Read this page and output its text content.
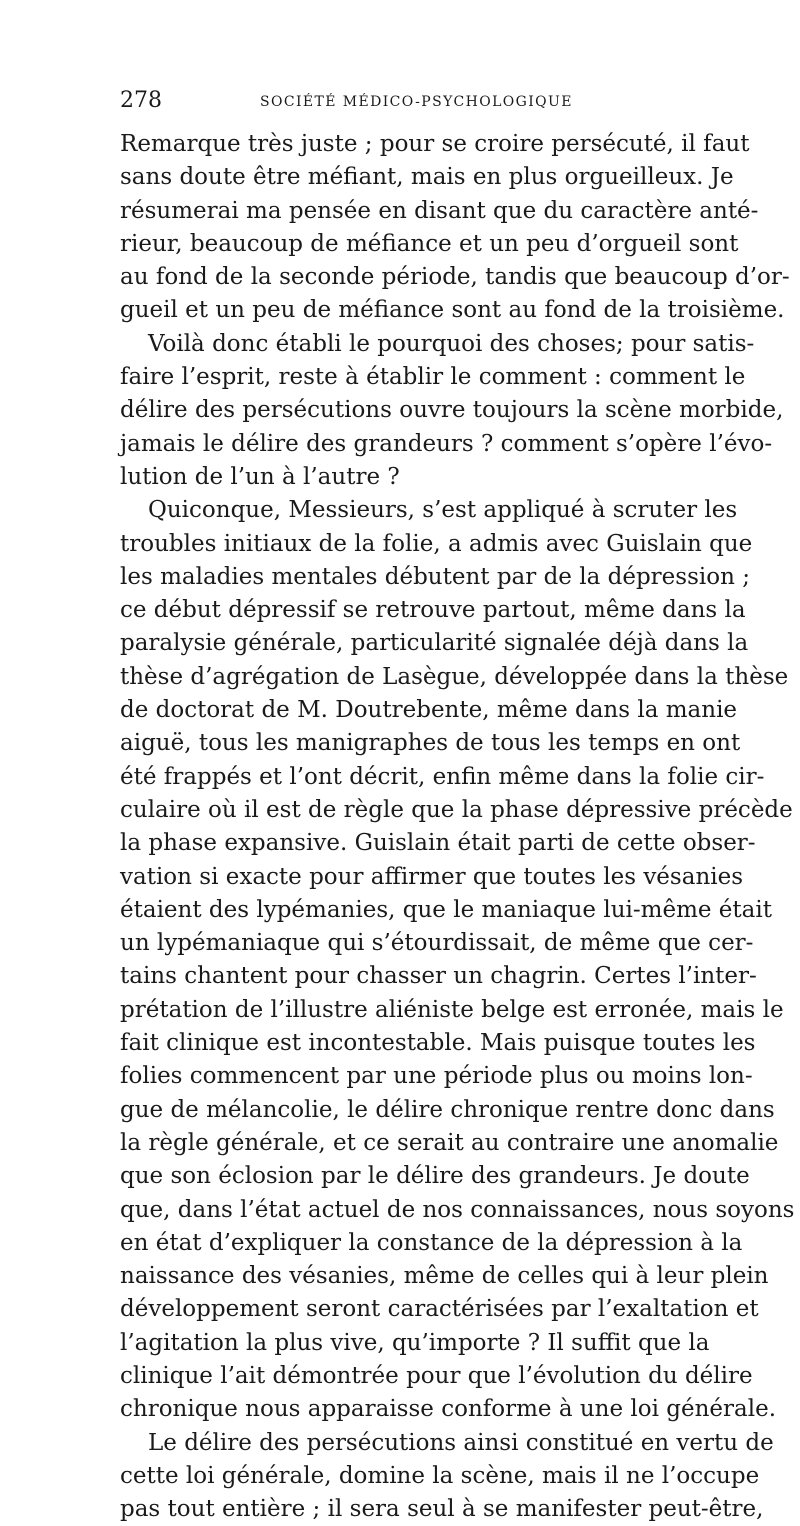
278	SOCIÉTÉ MÉDICO-PSYCHOLOGIQUE
Remarque très juste ; pour se croire persécuté, il faut
sans doute être méfiant, mais en plus orgueilleux. Je
résumerai ma pensée en disant que du caractère anté-
rieur, beaucoup de méfiance et un peu d’orgueil sont
au fond de la seconde période, tandis que beaucoup d’or-
gueil et un peu de méfiance sont au fond de la troisième.
Voilà donc établi le pourquoi des choses; pour satis-
faire l’esprit, reste à établir le comment : comment le
délire des persécutions ouvre toujours la scène morbide,
jamais le délire des grandeurs ? comment s’opère l’évo-
lution de l’un à l’autre ?
Quiconque, Messieurs, s’est appliqué à scruter les
troubles initiaux de la folie, a admis avec Guislain que
les maladies mentales débutent par de la dépression ;
ce début dépressif se retrouve partout, même dans la
paralysie générale, particularité signalée déjà dans la
thèse d’agrégation de Lasègue, développée dans la thèse
de doctorat de M. Doutrebente, même dans la manie
aiguë, tous les manigraphes de tous les temps en ont
été frappés et l’ont décrit, enfin même dans la folie cir-
culaire où il est de règle que la phase dépressive précède
la phase expansive. Guislain était parti de cette obser-
vation si exacte pour affirmer que toutes les vésanies
étaient des lypémanies, que le maniaque lui-même était
un lypémaniaque qui s’étourdissait, de même que cer-
tains chantent pour chasser un chagrin. Certes l’inter-
prétation de l’illustre aliéniste belge est erronée, mais le
fait clinique est incontestable. Mais puisque toutes les
folies commencent par une période plus ou moins lon-
gue de mélancolie, le délire chronique rentre donc dans
la règle générale, et ce serait au contraire une anomalie
que son éclosion par le délire des grandeurs. Je doute
que, dans l’état actuel de nos connaissances, nous soyons
en état d’expliquer la constance de la dépression à la
naissance des vésanies, même de celles qui à leur plein
développement seront caractérisées par l’exaltation et
l’agitation la plus vive, qu’importe ? Il suffit que la
clinique l’ait démontrée pour que l’évolution du délire
chronique nous apparaisse conforme à une loi générale.
Le délire des persécutions ainsi constitué en vertu de
cette loi générale, domine la scène, mais il ne l’occupe
pas tout entière ; il sera seul à se manifester peut-être,
